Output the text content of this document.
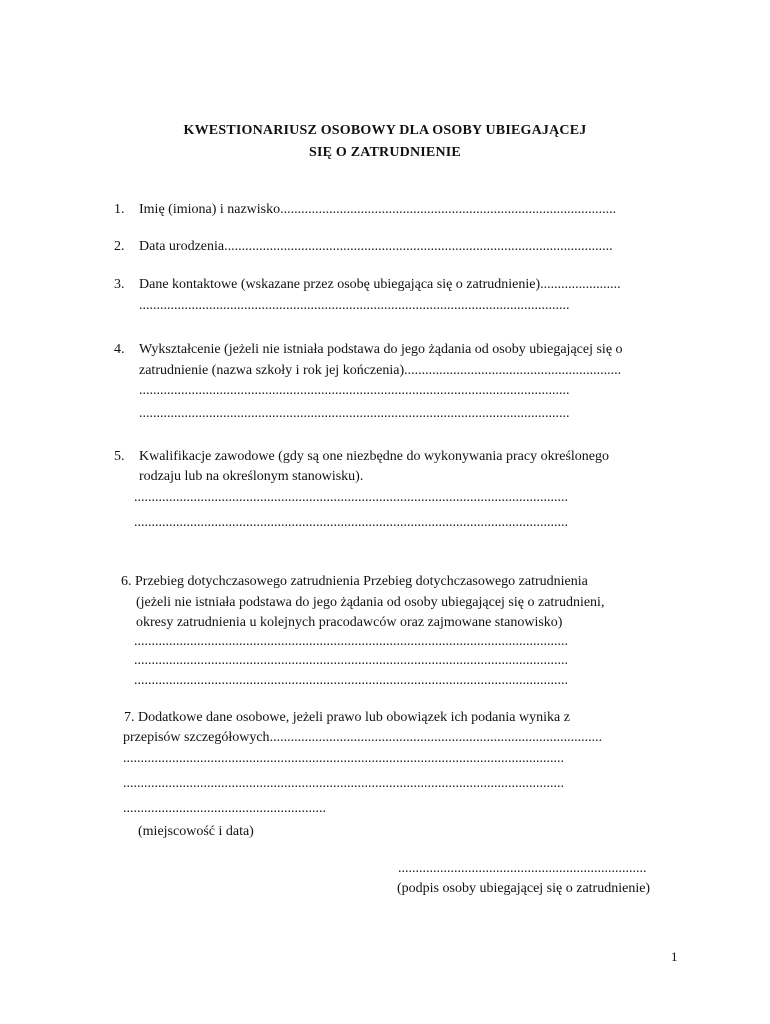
KWESTIONARIUSZ OSOBOWY DLA OSOBY UBIEGAJĄCEJ
SIĘ O ZATRUDNIENIE
1. Imię (imiona) i nazwisko................................................................................................
2. Data urodzenia...............................................................................................................
3. Dane kontaktowe (wskazane przez osobę ubiegająca się o zatrudnienie).......................
...........................................................................................................................
4. Wykształcenie (jeżeli nie istniała podstawa do jego żądania od osoby ubiegającej się o
zatrudnienie (nazwa szkoły i rok jej kończenia)..............................................................
...........................................................................................................................
...........................................................................................................................
5. Kwalifikacje zawodowe (gdy są one niezbędne do wykonywania pracy określonego
rodzaju lub na określonym stanowisku).
............................................................................................................................
............................................................................................................................
6. Przebieg dotychczasowego zatrudnienia Przebieg dotychczasowego zatrudnienia
(jeżeli nie istniała podstawa do jego żądania od osoby ubiegającej się o zatrudnieni,
okresy zatrudnienia u kolejnych pracodawców oraz zajmowane stanowisko)
............................................................................................................................
............................................................................................................................
............................................................................................................................
7. Dodatkowe dane osobowe, jeżeli prawo lub obowiązek ich podania wynika z
przepisów szczegółowych...............................................................................................
..............................................................................................................................
..............................................................................................................................
..........................................................
(miejscowość i data)
.......................................................................
(podpis osoby ubiegającej się o zatrudnienie)
1
